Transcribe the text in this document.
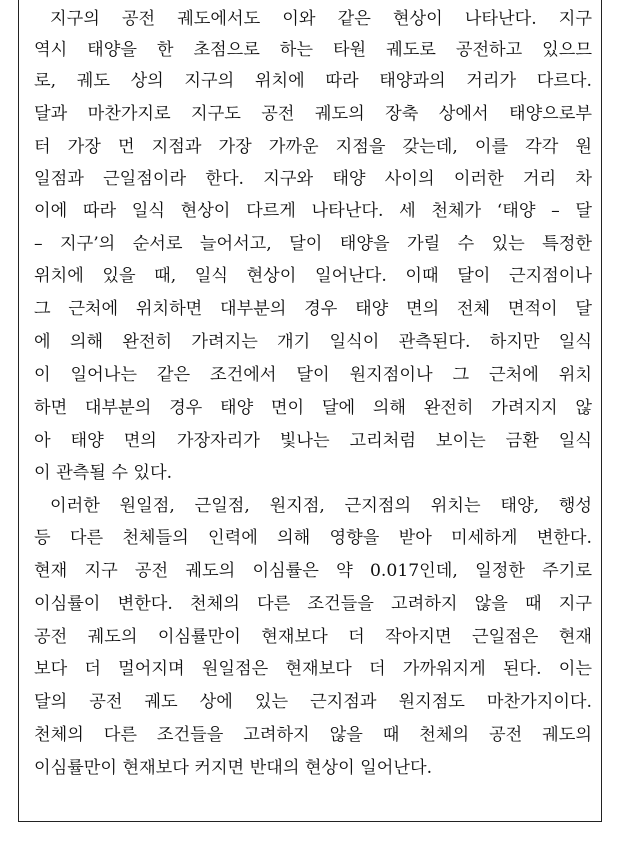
지구의 공전 궤도에서도 이와 같은 현상이 나타난다. 지구
역시 태양을 한 초점으로 하는 타원 궤도로 공전하고 있으므
로, 궤도 상의 지구의 위치에 따라 태양과의 거리가 다르다.
달과 마찬가지로 지구도 공전 궤도의 장축 상에서 태양으로부
터 가장 먼 지점과 가장 가까운 지점을 갖는데, 이를 각각 원
일점과 근일점이라 한다. 지구와 태양 사이의 이러한 거리 차
이에 따라 일식 현상이 다르게 나타난다. 세 천체가 ‘태양 – 달
– 지구’의 순서로 늘어서고, 달이 태양을 가릴 수 있는 특정한
위치에 있을 때, 일식 현상이 일어난다. 이때 달이 근지점이나
그 근처에 위치하면 대부분의 경우 태양 면의 전체 면적이 달
에 의해 완전히 가려지는 개기 일식이 관측된다. 하지만 일식
이 일어나는 같은 조건에서 달이 원지점이나 그 근처에 위치
하면 대부분의 경우 태양 면이 달에 의해 완전히 가려지지 않
아 태양 면의 가장자리가 빛나는 고리처럼 보이는 금환 일식
이 관측될 수 있다.
이러한 원일점, 근일점, 원지점, 근지점의 위치는 태양, 행성
등 다른 천체들의 인력에 의해 영향을 받아 미세하게 변한다.
현재 지구 공전 궤도의 이심률은 약 0.017인데, 일정한 주기로
이심률이 변한다. 천체의 다른 조건들을 고려하지 않을 때 지구
공전 궤도의 이심률만이 현재보다 더 작아지면 근일점은 현재
보다 더 멀어지며 원일점은 현재보다 더 가까워지게 된다. 이는
달의 공전 궤도 상에 있는 근지점과 원지점도 마찬가지이다.
천체의 다른 조건들을 고려하지 않을 때 천체의 공전 궤도의
이심률만이 현재보다 커지면 반대의 현상이 일어난다.
